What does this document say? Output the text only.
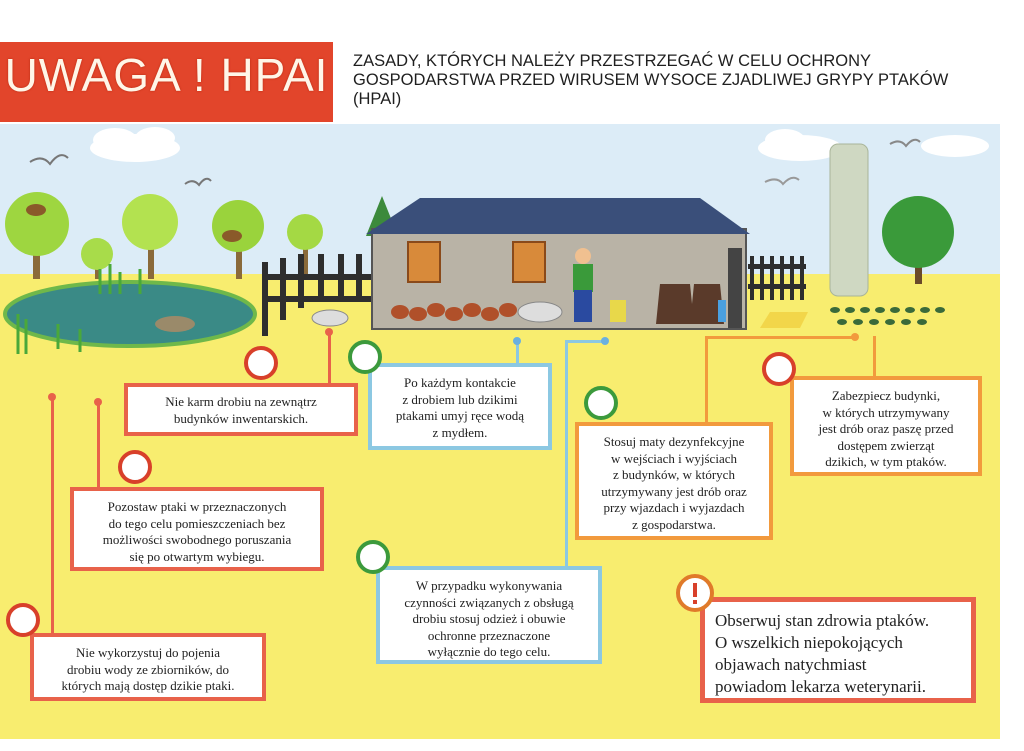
UWAGA ! HPAI ZASADY, KTÓRYCH NALEŻY PRZESTRZEGAĆ W CELU OCHRONY GOSPODARSTWA PRZED WIRUSEM WYSOCE ZJADLIWEJ GRYPY PTAKÓW (HPAI)
Nie karm drobiu na zewnątrz
budynków inwentarskich.
Po każdym kontakcie
z drobiem lub dzikimi
ptakami umyj ręce wodą
z mydłem.
Stosuj maty dezynfekcyjne
w wejściach i wyjściach
z budynków, w których
utrzymywany jest drób oraz
przy wjazdach i wyjazdach
z gospodarstwa.
Zabezpiecz budynki,
w których utrzymywany
jest drób oraz paszę przed
dostępem zwierząt
dzikich, w tym ptaków.
Pozostaw ptaki w przeznaczonych
do tego celu pomieszczeniach bez
możliwości swobodnego poruszania
się po otwartym wybiegu.
W przypadku wykonywania
czynności związanych z obsługą
drobiu stosuj odzież i obuwie
ochronne przeznaczone
wyłącznie do tego celu.
Nie wykorzystuj do pojenia
drobiu wody ze zbiorników, do
których mają dostęp dzikie ptaki.
Obserwuj stan zdrowia ptaków.
O wszelkich niepokojących
objawach natychmiast
powiadom lekarza weterynarii.
